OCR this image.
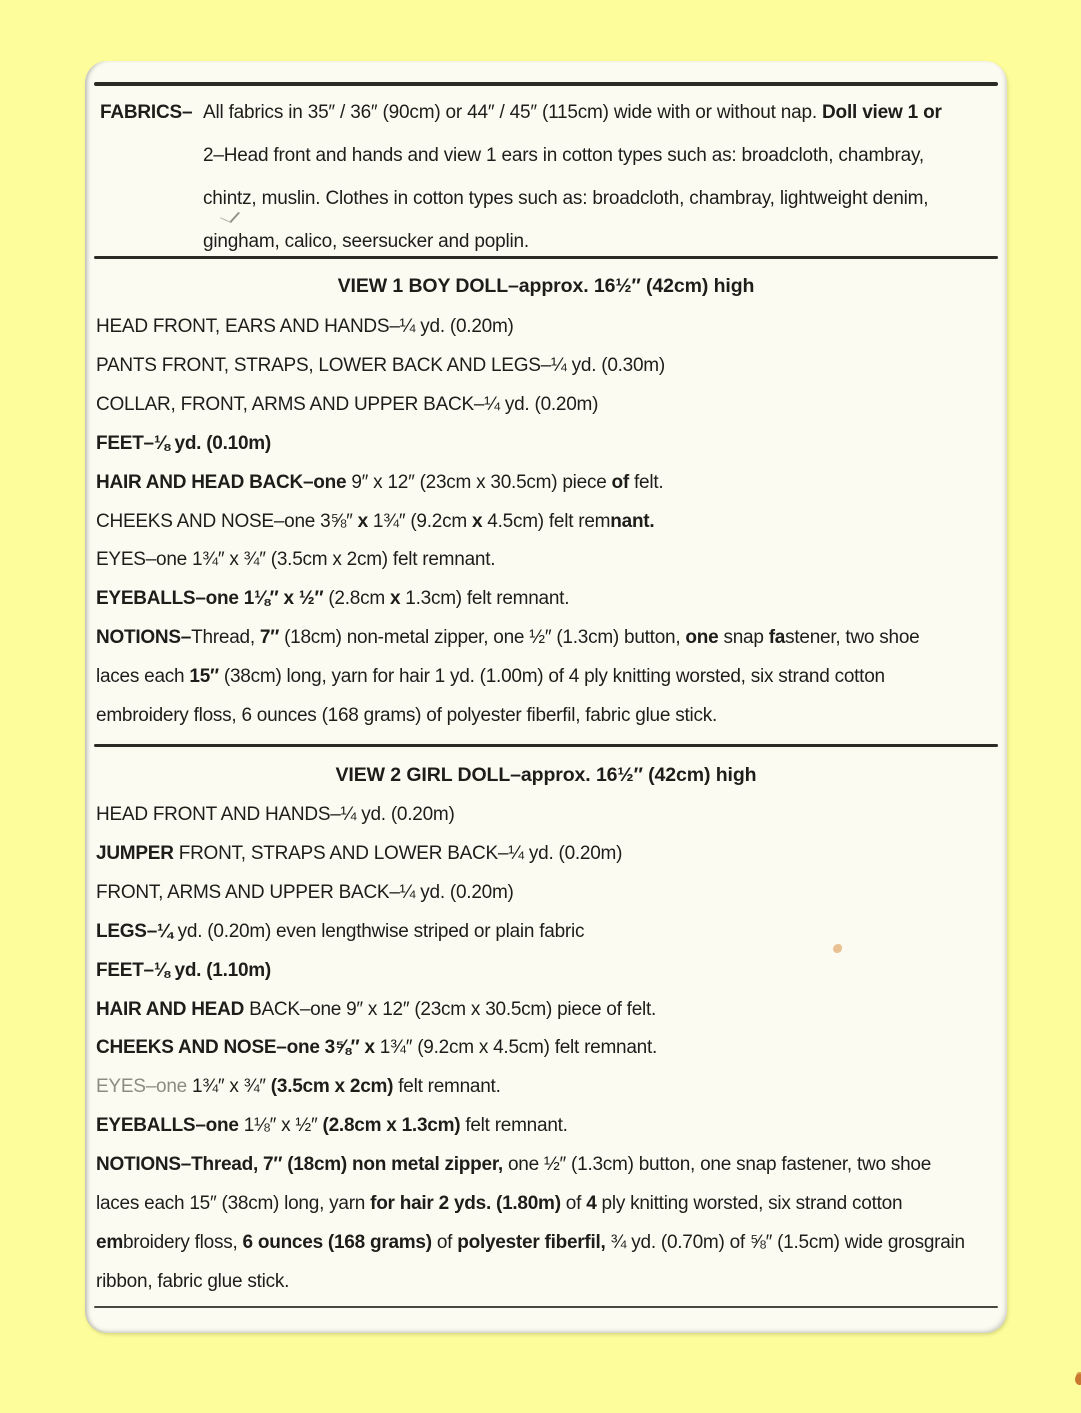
FABRICS– All fabrics in 35″ / 36″ (90cm) or 44″ / 45″ (115cm) wide with or without nap. Doll view 1 or
2–Head front and hands and view 1 ears in cotton types such as: broadcloth, chambray,
chintz, muslin. Clothes in cotton types such as: broadcloth, chambray, lightweight denim,
gingham, calico, seersucker and poplin.
VIEW 1 BOY DOLL–approx. 16½″ (42cm) high
HEAD FRONT, EARS AND HANDS–¼ yd. (0.20m)
PANTS FRONT, STRAPS, LOWER BACK AND LEGS–¼ yd. (0.30m)
COLLAR, FRONT, ARMS AND UPPER BACK–¼ yd. (0.20m)
FEET–⅛ yd. (0.10m)
HAIR AND HEAD BACK–one 9″ x 12″ (23cm x 30.5cm) piece of felt.
CHEEKS AND NOSE–one 3⅝″ x 1¾″ (9.2cm x 4.5cm) felt remnant.
EYES–one 1¾″ x ¾″ (3.5cm x 2cm) felt remnant.
EYEBALLS–one 1⅛″ x ½″ (2.8cm x 1.3cm) felt remnant.
NOTIONS–Thread, 7″ (18cm) non-metal zipper, one ½″ (1.3cm) button, one snap fastener, two shoe
laces each 15″ (38cm) long, yarn for hair 1 yd. (1.00m) of 4 ply knitting worsted, six strand cotton
embroidery floss, 6 ounces (168 grams) of polyester fiberfil, fabric glue stick.
VIEW 2 GIRL DOLL–approx. 16½″ (42cm) high
HEAD FRONT AND HANDS–¼ yd. (0.20m)
JUMPER FRONT, STRAPS AND LOWER BACK–¼ yd. (0.20m)
FRONT, ARMS AND UPPER BACK–¼ yd. (0.20m)
LEGS–¼ yd. (0.20m) even lengthwise striped or plain fabric
FEET–⅛ yd. (1.10m)
HAIR AND HEAD BACK–one 9″ x 12″ (23cm x 30.5cm) piece of felt.
CHEEKS AND NOSE–one 3⅝″ x 1¾″ (9.2cm x 4.5cm) felt remnant.
EYES–one 1¾″ x ¾″ (3.5cm x 2cm) felt remnant.
EYEBALLS–one 1⅛″ x ½″ (2.8cm x 1.3cm) felt remnant.
NOTIONS–Thread, 7″ (18cm) non metal zipper, one ½″ (1.3cm) button, one snap fastener, two shoe
laces each 15″ (38cm) long, yarn for hair 2 yds. (1.80m) of 4 ply knitting worsted, six strand cotton
embroidery floss, 6 ounces (168 grams) of polyester fiberfil, ¾ yd. (0.70m) of ⅝″ (1.5cm) wide grosgrain
ribbon, fabric glue stick.
